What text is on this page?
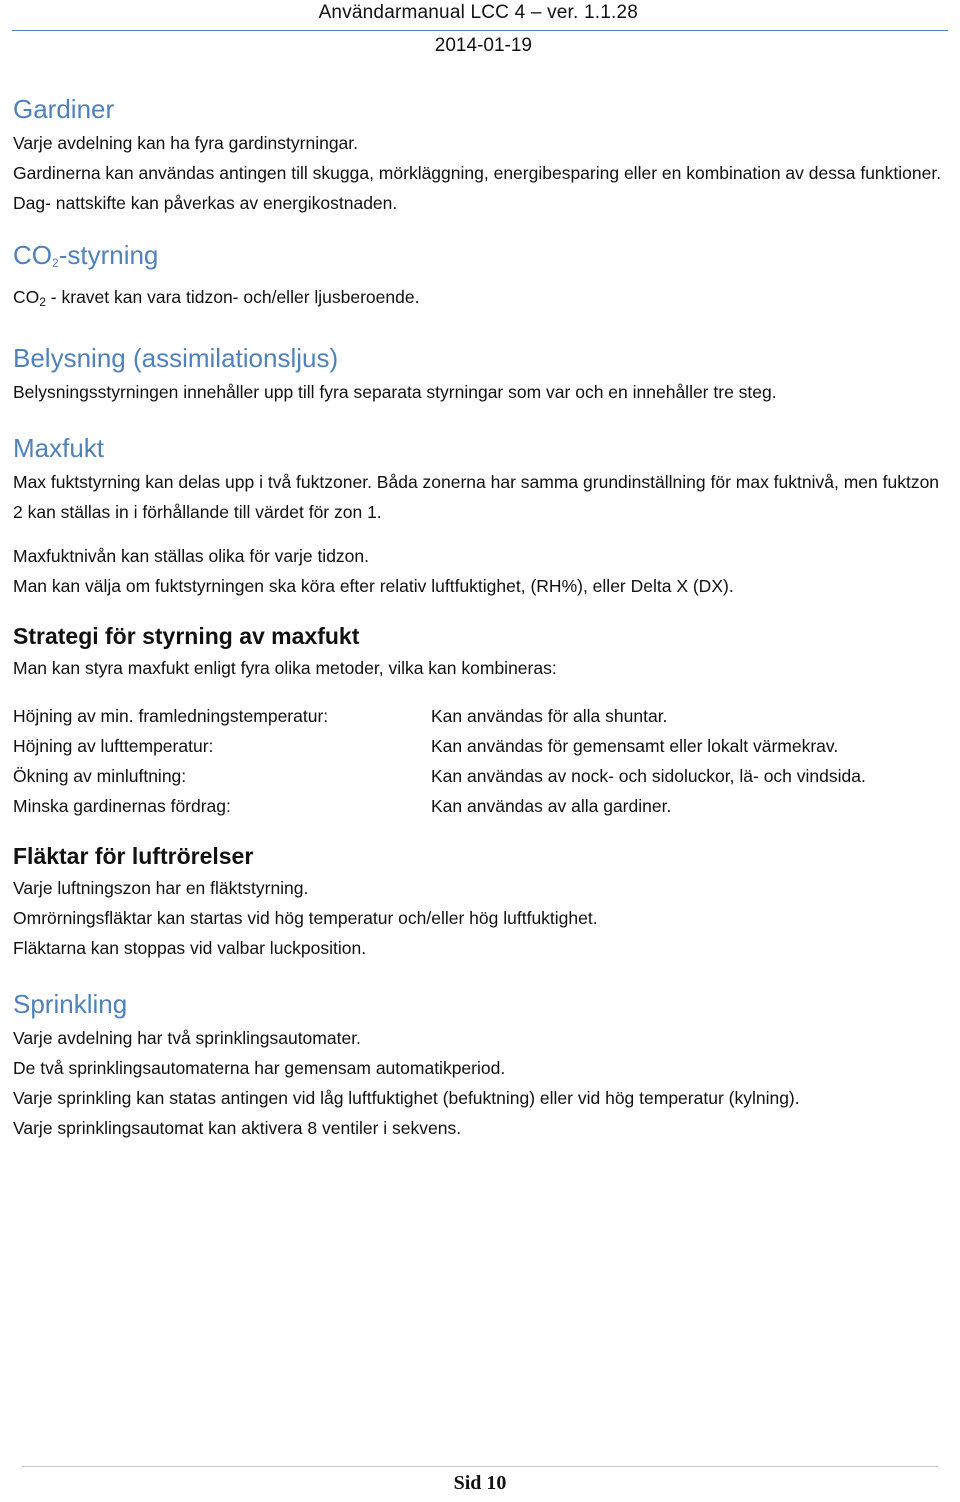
Användarmanual LCC 4 – ver. 1.1.28
2014-01-19
Gardiner

Varje avdelning kan ha fyra gardinstyrningar.

Gardinerna kan användas antingen till skugga, mörkläggning, energibesparing eller en kombination av dessa funktioner.

Dag- nattskifte kan påverkas av energikostnaden.

$CO_2$-styrning

$CO_2$ - kravet kan vara tidzon- och/eller ljusberoende.

Belysning (assimilationsljus)

Belysningsstyrningen innehåller upp till fyra separata styrningar som var och en innehåller tre steg.

Maxfukt

Max fuktstyrning kan delas upp i två fuktzoner. Båda zonerna har samma grundinställning för max fuktnivå, men fuktzon 2 kan ställas in i förhållande till värdet för zon 1.

Maxfuktnivån kan ställas olika för varje tidzon.

Man kan välja om fuktstyrningen ska köra efter relativ luftfuktighet, (RH%), eller Delta X (DX).

Strategi för styrning av maxfukt

Man kan styra maxfukt enligt fyra olika metoder, vilka kan kombineras:

Höjning av min. framledningstemperatur:	Kan användas för alla shuntar.

Höjning av lufttemperatur:	Kan användas för gemensamt eller lokalt värmekrav.

Ökning av minluftning:	Kan användas av nock- och sidoluckor, lä- och vindsida.

Minska gardinernas fördrag:	Kan användas av alla gardiner.

Fläktar för luftrörelser

Varje luftningszon har en fläktstyrning.

Omrörningsfläktar kan startas vid hög temperatur och/eller hög luftfuktighet.

Fläktarna kan stoppas vid valbar luckposition.

Sprinkling

Varje avdelning har två sprinklingsautomater.

De två sprinklingsautomaterna har gemensam automatikperiod.

Varje sprinkling kan statas antingen vid låg luftfuktighet (befuktning) eller vid hög temperatur (kylning).

Varje sprinklingsautomat kan aktivera 8 ventiler i sekvens.

Sid 10
